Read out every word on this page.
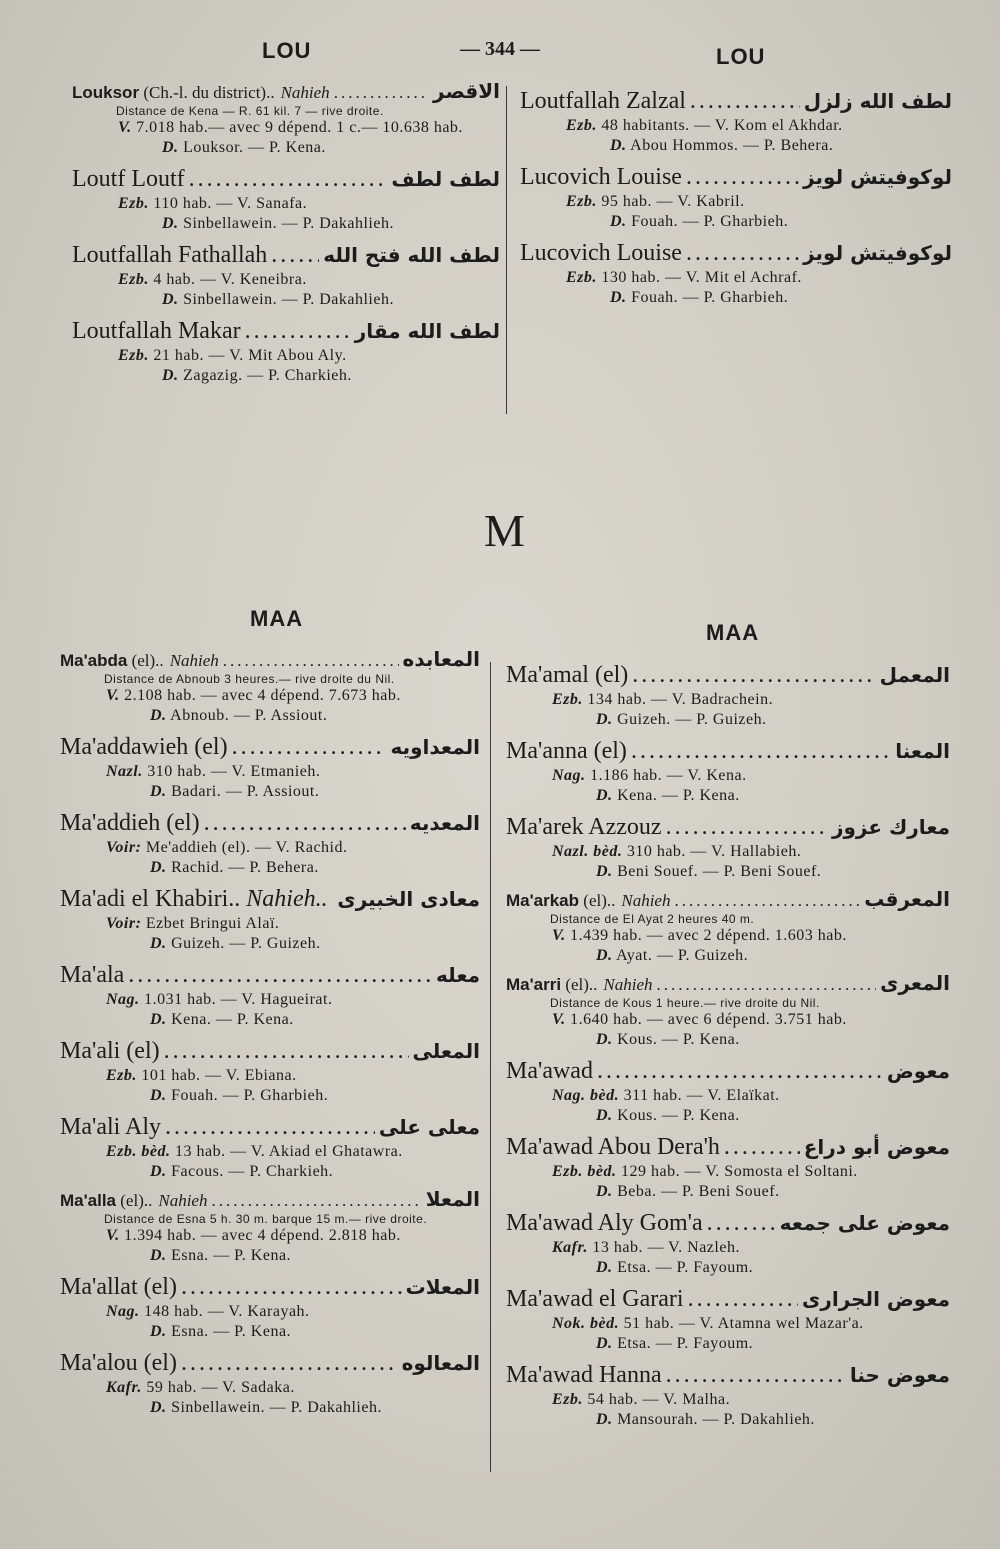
LOU	— 344 —	LOU
Louksor (Ch.-l. du district).. Nahieh .....	الاقصر
Distance de Kena — R. 61 kil. 7 — rive droite.
V. 7.018 hab.— avec 9 dépend. 1 c.— 10.638 hab.
D. Louksor. — P. Kena.
Loutf Loutf .....	لطف لطف
Ezb. 110 hab. — V. Sanafa.
D. Sinbellawein. — P. Dakahlieh.
Loutfallah Fathallah .....	لطف الله فتح الله
Ezb. 4 hab. — V. Keneibra.
D. Sinbellawein. — P. Dakahlieh.
Loutfallah Makar .....	لطف الله مقار
Ezb. 21 hab. — V. Mit Abou Aly.
D. Zagazig. — P. Charkieh.
Loutfallah Zalzal .....	لطف الله زلزل
Ezb. 48 habitants. — V. Kom el Akhdar.
D. Abou Hommos. — P. Behera.
Lucovich Louise .....	لوكوفيتش لويز
Ezb. 95 hab. — V. Kabril.
D. Fouah. — P. Gharbieh.
Lucovich Louise .....	لوكوفيتش لويز
Ezb. 130 hab. — V. Mit el Achraf.
D. Fouah. — P. Gharbieh.
M
MAA
MAA
Ma'abda (el).. Nahieh .....	المعابده
Distance de Abnoub 3 heures.— rive droite du Nil.
V. 2.108 hab. — avec 4 dépend. 7.673 hab.
D. Abnoub. — P. Assiout.
Ma'addawieh (el) .....	المعداويه
Nazl. 310 hab. — V. Etmanieh.
D. Badari. — P. Assiout.
Ma'addieh (el) .....	المعديه
Voir: Me'addieh (el). — V. Rachid.
D. Rachid. — P. Behera.
Ma'adi el Khabiri.. Nahieh.. ..... معادى الخبيرى
Voir: Ezbet Bringui Alaï.
D. Guizeh. — P. Guizeh.
Ma'ala .....	معله
Nag. 1.031 hab. — V. Hagueirat.
D. Kena. — P. Kena.
Ma'ali (el) .....	المعلى
Ezb. 101 hab. — V. Ebiana.
D. Fouah. — P. Gharbieh.
Ma'ali Aly .....	معلى على
Ezb. bèd. 13 hab. — V. Akiad el Ghatawra.
D. Facous. — P. Charkieh.
Ma'alla (el).. Nahieh .....	المعلا
Distance de Esna 5 h. 30 m. barque 15 m.— rive droite.
V. 1.394 hab. — avec 4 dépend. 2.818 hab.
D. Esna. — P. Kena.
Ma'allat (el) .....	المعلات
Nag. 148 hab. — V. Karayah.
D. Esna. — P. Kena.
Ma'alou (el) .....	المعالوه
Kafr. 59 hab. — V. Sadaka.
D. Sinbellawein. — P. Dakahlieh.
Ma'amal (el) .....	المعمل
Ezb. 134 hab. — V. Badrachein.
D. Guizeh. — P. Guizeh.
Ma'anna (el) .....	المعنا
Nag. 1.186 hab. — V. Kena.
D. Kena. — P. Kena.
Ma'arek Azzouz .....	معارك عزوز
Nazl. bèd. 310 hab. — V. Hallabieh.
D. Beni Souef. — P. Beni Souef.
Ma'arkab (el).. Nahieh .....	المعرقب
Distance de El Ayat 2 heures 40 m.
V. 1.439 hab. — avec 2 dépend. 1.603 hab.
D. Ayat. — P. Guizeh.
Ma'arri (el).. Nahieh .....	المعرى
Distance de Kous 1 heure.— rive droite du Nil.
V. 1.640 hab. — avec 6 dépend. 3.751 hab.
D. Kous. — P. Kena.
Ma'awad .....	معوض
Nag. bèd. 311 hab. — V. Elaïkat.
D. Kous. — P. Kena.
Ma'awad Abou Dera'h .....	معوض أبو دراع
Ezb. bèd. 129 hab. — V. Somosta el Soltani.
D. Beba. — P. Beni Souef.
Ma'awad Aly Gom'a .....	معوض على جمعه
Kafr. 13 hab. — V. Nazleh.
D. Etsa. — P. Fayoum.
Ma'awad el Garari .....	معوض الجرارى
Nok. bèd. 51 hab. — V. Atamna wel Mazar'a.
D. Etsa. — P. Fayoum.
Ma'awad Hanna .....	معوض حنا
Ezb. 54 hab. — V. Malha.
D. Mansourah. — P. Dakahlieh.
